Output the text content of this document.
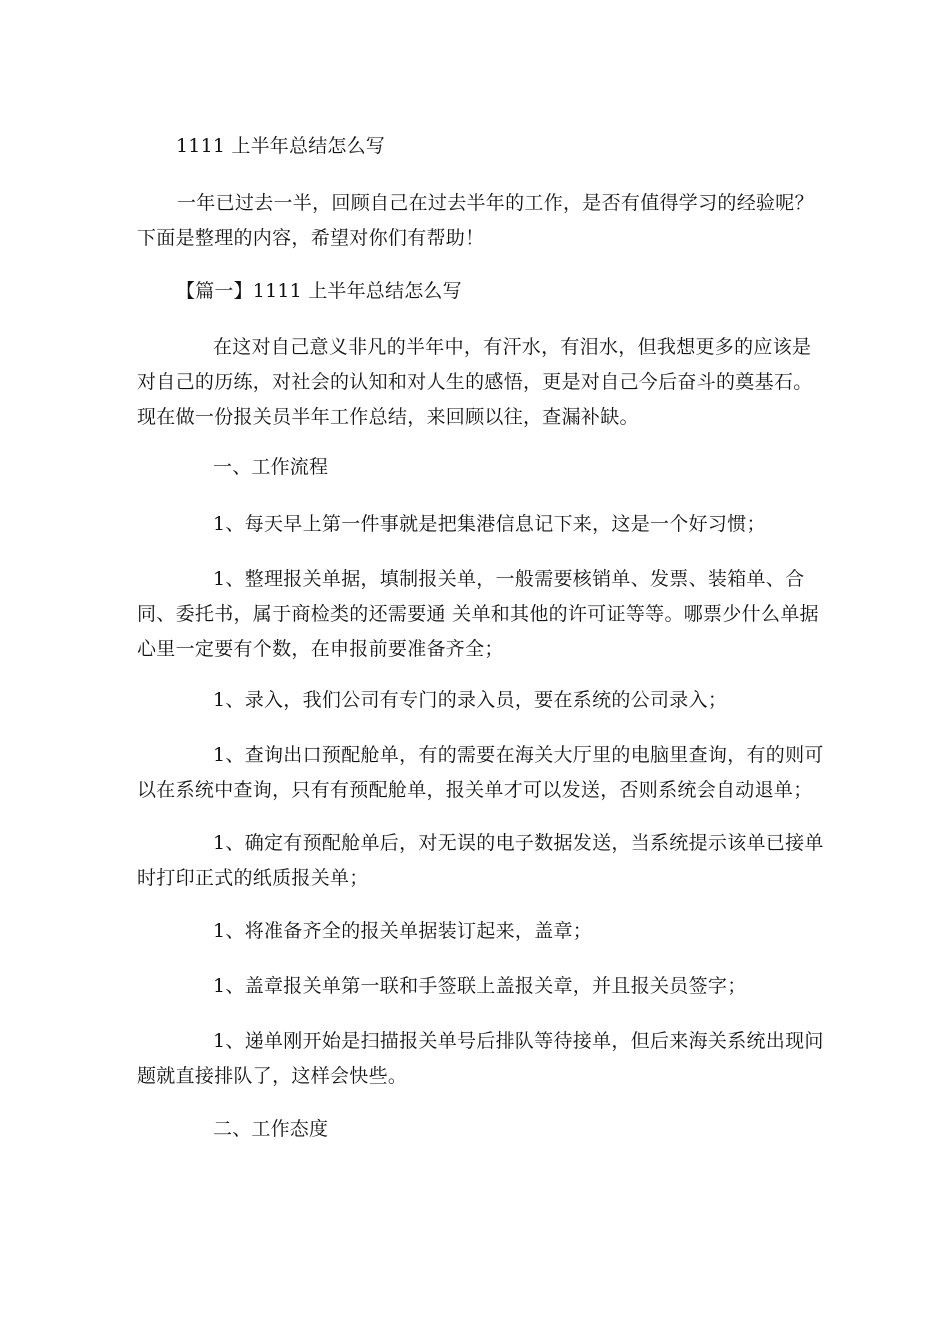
1111 上半年总结怎么写

一年已过去一半，回顾自己在过去半年的工作，是否有值得学习的经验呢？下面是整理的内容，希望对你们有帮助！

【篇一】1111 上半年总结怎么写

在这对自己意义非凡的半年中，有汗水，有泪水，但我想更多的应该是对自己的历练，对社会的认知和对人生的感悟，更是对自己今后奋斗的奠基石。现在做一份报关员半年工作总结，来回顾以往，查漏补缺。

一、工作流程

1、每天早上第一件事就是把集港信息记下来，这是一个好习惯；

1、整理报关单据，填制报关单，一般需要核销单、发票、装箱单、合同、委托书，属于商检类的还需要通 关单和其他的许可证等等。哪票少什么单据心里一定要有个数，在申报前要准备齐全；

1、录入，我们公司有专门的录入员，要在系统的公司录入；

1、查询出口预配舱单，有的需要在海关大厅里的电脑里查询，有的则可以在系统中查询，只有有预配舱单，报关单才可以发送，否则系统会自动退单；

1、确定有预配舱单后，对无误的电子数据发送，当系统提示该单已接单时打印正式的纸质报关单；

1、将准备齐全的报关单据装订起来，盖章；

1、盖章报关单第一联和手签联上盖报关章，并且报关员签字；

1、递单刚开始是扫描报关单号后排队等待接单，但后来海关系统出现问题就直接排队了，这样会快些。

二、工作态度
